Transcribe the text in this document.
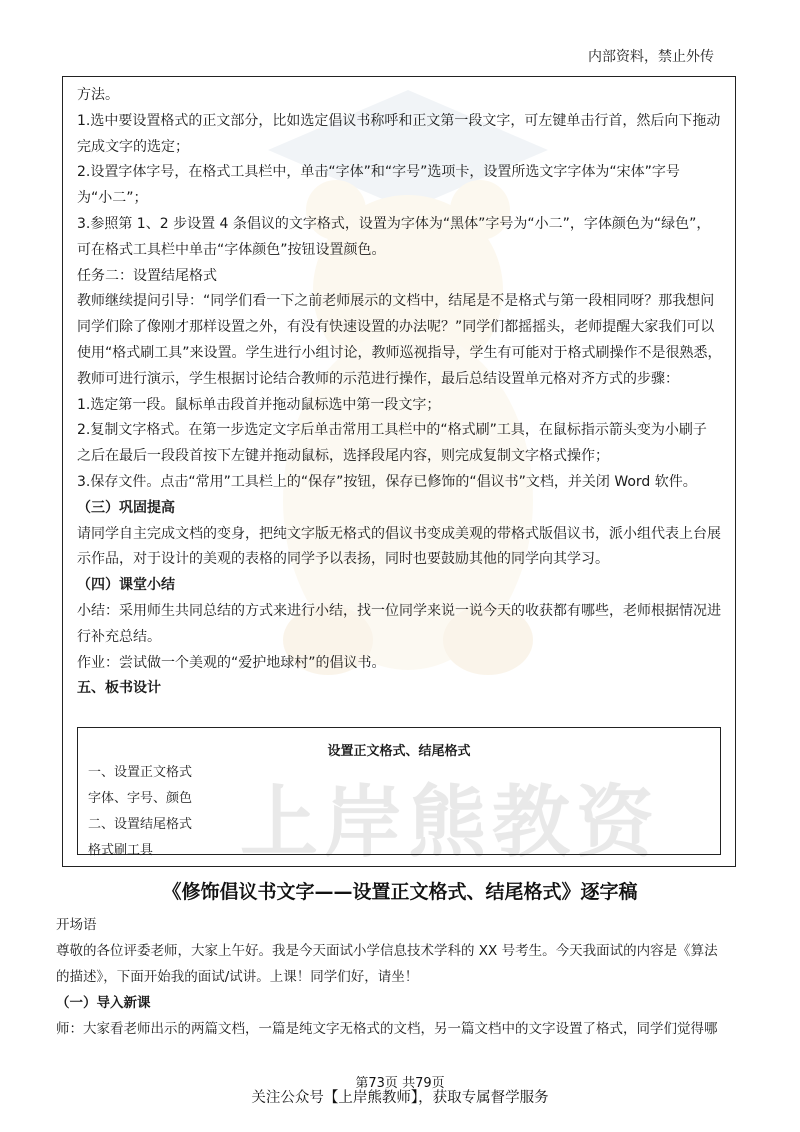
上岸熊教资
内部资料，禁止外传
方法。
1.选中要设置格式的正文部分，比如选定倡议书称呼和正文第一段文字，可左键单击行首，然后向下拖动
完成文字的选定；
2.设置字体字号，在格式工具栏中，单击“字体”和“字号”选项卡，设置所选文字字体为“宋体”字号
为“小二”；
3.参照第 1、2 步设置 4 条倡议的文字格式，设置为字体为“黑体”字号为“小二”，字体颜色为“绿色”，
可在格式工具栏中单击“字体颜色”按钮设置颜色。
任务二：设置结尾格式
教师继续提问引导：“同学们看一下之前老师展示的文档中，结尾是不是格式与第一段相同呀？那我想问
同学们除了像刚才那样设置之外，有没有快速设置的办法呢？”同学们都摇摇头，老师提醒大家我们可以
使用“格式刷工具”来设置。学生进行小组讨论，教师巡视指导，学生有可能对于格式刷操作不是很熟悉，
教师可进行演示，学生根据讨论结合教师的示范进行操作，最后总结设置单元格对齐方式的步骤：
1.选定第一段。鼠标单击段首并拖动鼠标选中第一段文字；
2.复制文字格式。在第一步选定文字后单击常用工具栏中的“格式刷”工具，在鼠标指示箭头变为小刷子
之后在最后一段段首按下左键并拖动鼠标，选择段尾内容，则完成复制文字格式操作；
3.保存文件。点击“常用”工具栏上的“保存”按钮，保存已修饰的“倡议书”文档，并关闭 Word 软件。
（三）巩固提高
请同学自主完成文档的变身，把纯文字版无格式的倡议书变成美观的带格式版倡议书，派小组代表上台展
示作品，对于设计的美观的表格的同学予以表扬，同时也要鼓励其他的同学向其学习。
（四）课堂小结
小结：采用师生共同总结的方式来进行小结，找一位同学来说一说今天的收获都有哪些，老师根据情况进
行补充总结。
作业：尝试做一个美观的“爱护地球村”的倡议书。
五、板书设计
设置正文格式、结尾格式
一、设置正文格式
字体、字号、颜色
二、设置结尾格式
格式刷工具
《修饰倡议书文字——设置正文格式、结尾格式》逐字稿
开场语
尊敬的各位评委老师，大家上午好。我是今天面试小学信息技术学科的 XX 号考生。今天我面试的内容是《算法
的描述》，下面开始我的面试/试讲。上课！同学们好，请坐！
（一）导入新课
师：大家看老师出示的两篇文档，一篇是纯文字无格式的文档，另一篇文档中的文字设置了格式，同学们觉得哪
第73页 共79页
关注公众号【上岸熊教师】，获取专属督学服务
